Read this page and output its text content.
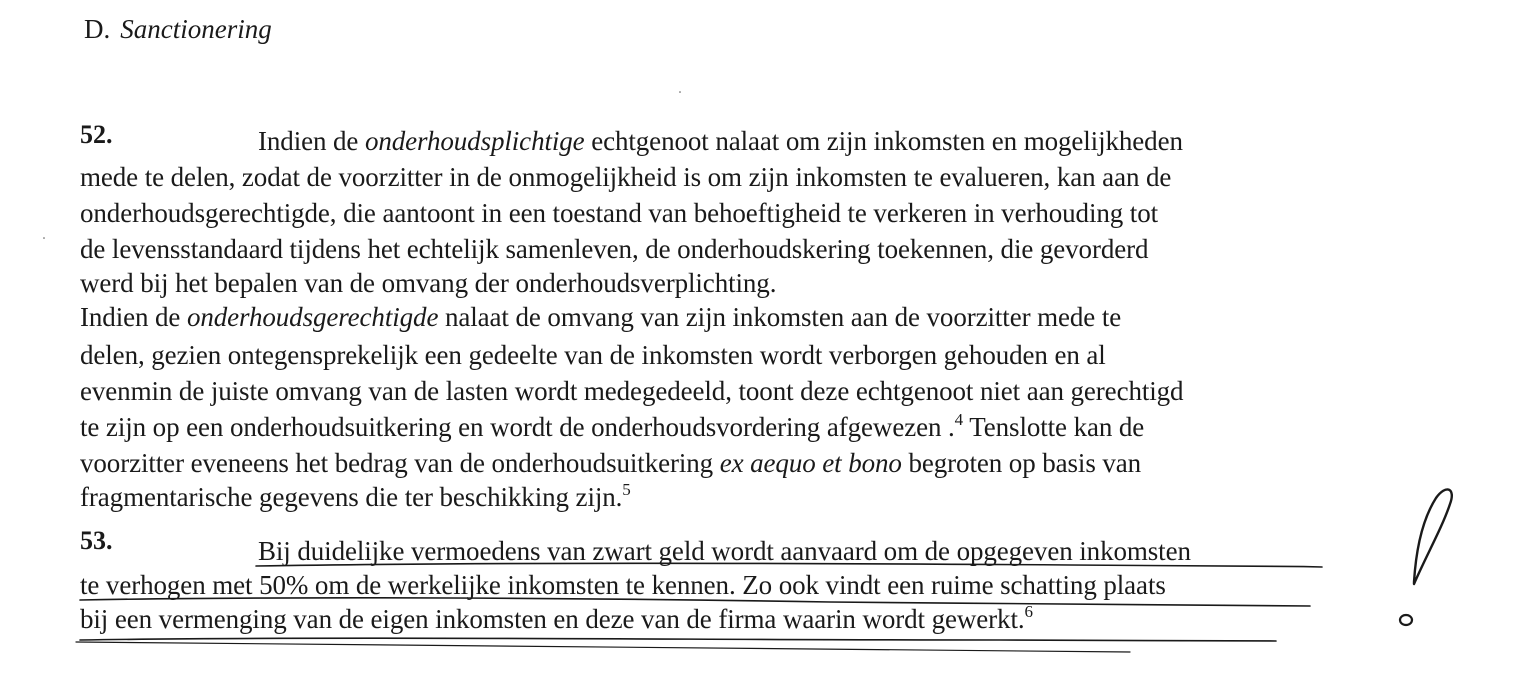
D. Sanctionering
52.	Indien de onderhoudsplichtige echtgenoot nalaat om zijn inkomsten en mogelijkheden
mede te delen, zodat de voorzitter in de onmogelijkheid is om zijn inkomsten te evalueren, kan aan de
onderhoudsgerechtigde, die aantoont in een toestand van behoeftigheid te verkeren in verhouding tot
de levensstandaard tijdens het echtelijk samenleven, de onderhoudskering toekennen, die gevorderd
werd bij het bepalen van de omvang der onderhoudsverplichting.
Indien de onderhoudsgerechtigde nalaat de omvang van zijn inkomsten aan de voorzitter mede te
delen, gezien ontegensprekelijk een gedeelte van de inkomsten wordt verborgen gehouden en al
evenmin de juiste omvang van de lasten wordt medegedeeld, toont deze echtgenoot niet aan gerechtigd
te zijn op een onderhoudsuitkering en wordt de onderhoudsvordering afgewezen .$^4$ Tenslotte kan de
voorzitter eveneens het bedrag van de onderhoudsuitkering ex aequo et bono begroten op basis van
fragmentarische gegevens die ter beschikking zijn.$^5$
53.	Bij duidelijke vermoedens van zwart geld wordt aanvaard om de opgegeven inkomsten
te verhogen met 50% om de werkelijke inkomsten te kennen. Zo ook vindt een ruime schatting plaats
bij een vermenging van de eigen inkomsten en deze van de firma waarin wordt gewerkt.$^6$
